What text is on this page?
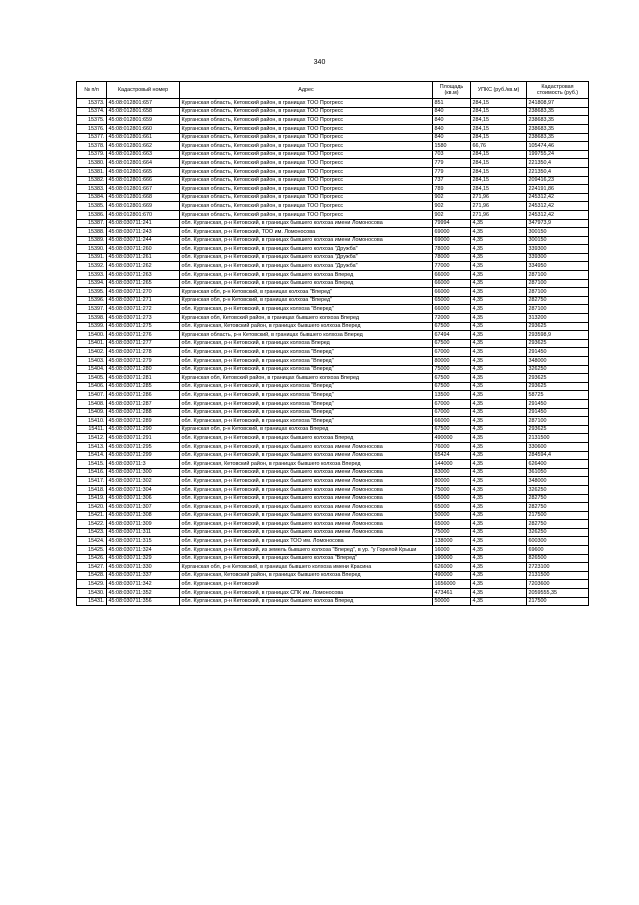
340
№ п/п	Кадастровый номер	Адрес	Площадь (кв.м)	УПКС (руб./кв.м)	Кадастровая стоимость (руб.)
15373.	45:08:012801:657	Курганская область, Кетовский район, в границах ТОО Прогресс	851	284,15	241808,97
15374.	45:08:012801:658	Курганская область, Кетовский район, в границах ТОО Прогресс	840	284,15	238683,35
15375.	45:08:012801:659	Курганская область, Кетовский район, в границах ТОО Прогресс	840	284,15	238683,35
15376.	45:08:012801:660	Курганская область, Кетовский район, в границах ТОО Прогресс	840	284,15	238683,35
15377.	45:08:012801:661	Курганская область, Кетовский район, в границах ТОО Прогресс	840	284,15	238683,35
15378.	45:08:012801:662	Курганская область, Кетовский район, в границах ТОО Прогресс	1580	66,76	105474,46
15379.	45:08:012801:663	Курганская область, Кетовский район, в границах ТОО Прогресс	703	284,15	199755,24
15380.	45:08:012801:664	Курганская область, Кетовский район, в границах ТОО Прогресс	779	284,15	221350,4
15381.	45:08:012801:665	Курганская область, Кетовский район, в границах ТОО Прогресс	779	284,15	221350,4
15382.	45:08:012801:666	Курганская область, Кетовский район, в границах ТОО Прогресс	737	284,15	209416,23
15383.	45:08:012801:667	Курганская область, Кетовский район, в границах ТОО Прогресс	789	284,15	224191,86
15384.	45:08:012801:668	Курганская область, Кетовский район, в границах ТОО Прогресс	902	271,96	245312,42
15385.	45:08:012801:669	Курганская область, Кетовский район, в границах ТОО Прогресс	902	271,96	245312,42
15386.	45:08:012801:670	Курганская область, Кетовский район, в границах ТОО Прогресс	902	271,96	245312,42
15387.	45:08:030711:241	обл. Курганская, р-н Кетовский, в границах бывшего колхоза имени Ломоносова	79994	4,35	347973,9
15388.	45:08:030711:243	обл. Курганская, р-н Кетовский, ТОО им. Ломоносова	69000	4,35	300150
15389.	45:08:030711:244	обл. Курганская, р-н Кетовский, в границах бывшего колхоза имени Ломоносова	69000	4,35	300150
15390.	45:08:030711:260	обл. Курганская, р-н Кетовский, в границах бывшего колхоза "Дружба"	78000	4,35	339300
15391.	45:08:030711:261	обл. Курганская, р-н Кетовский, в границах бывшего колхоза "Дружба"	78000	4,35	339300
15392.	45:08:030711:262	обл. Курганская, р-н Кетовский, в границах бывшего колхоза "Дружба"	77000	4,35	334950
15393.	45:08:030711:263	обл. Курганская, р-н Кетовский, в границах бывшего колхоза Вперед	66000	4,35	287100
15394.	45:08:030711:265	обл. Курганская, р-н Кетовский, в границах бывшего колхоза Вперед	66000	4,35	287100
15395.	45:08:030711:270	Курганская обл, р-н Кетовский, в границах колхоза "Вперед"	66000	4,35	287100
15396.	45:08:030711:271	Курганская обл, р-н Кетовский, в границах колхоза "Вперед"	65000	4,35	282750
15397.	45:08:030711:272	обл. Курганская, р-н Кетовский, в границах колхоза "Вперед"	66000	4,35	287100
15398.	45:08:030711:273	Курганская обл, Кетовский район, в границах бывшего колхоза Вперед	72000	4,35	313200
15399.	45:08:030711:275	обл. Курганская, Кетовский район, в границах бывшего колхоза Вперед	67500	4,35	293625
15400.	45:08:030711:276	Курганская область, р-н Кетовский, в границах бывшего колхоза Вперед	67494	4,35	293598,9
15401.	45:08:030711:277	обл. Курганская, р-н Кетовский, в границах колхоза Вперед	67500	4,35	293625
15402.	45:08:030711:278	обл. Курганская, р-н Кетовский, в границах колхоза "Вперед"	67000	4,35	291450
15403.	45:08:030711:279	обл. Курганская, р-н Кетовский, в границах колхоза "Вперед"	80000	4,35	348000
15404.	45:08:030711:280	обл. Курганская, р-н Кетовский, в границах колхоза "Вперед"	75000	4,35	326250
15405.	45:08:030711:281	Курганская обл, Кетовский район, в границах бывшего колхоза Вперед	67500	4,35	293625
15406.	45:08:030711:285	обл. Курганская, р-н Кетовский, в границах колхоза "Вперед"	67500	4,35	293625
15407.	45:08:030711:286	обл. Курганская, р-н Кетовский, в границах колхоза "Вперед"	13500	4,35	58725
15408.	45:08:030711:287	обл. Курганская, р-н Кетовский, в границах колхоза "Вперед"	67000	4,35	291450
15409.	45:08:030711:288	обл. Курганская, р-н Кетовский, в границах колхоза "Вперед"	67000	4,35	291450
15410.	45:08:030711:289	обл. Курганская, р-н Кетовский, в границах колхоза "Вперед"	66000	4,35	287100
15411.	45:08:030711:290	Курганская обл, р-н Кетовский, в границах колхоза Вперед	67500	4,35	293625
15412.	45:08:030711:291	обл. Курганская, р-н Кетовский, в границах бывшего колхоза Вперед	490000	4,35	2131500
15413.	45:08:030711:295	обл. Курганская, р-н Кетовский, в границах бывшего колхоза имени Ломоносова	76000	4,35	330600
15414.	45:08:030711:299	обл. Курганская, р-н Кетовский, в границах бывшего колхоза имени Ломоносова	65424	4,35	284594,4
15415.	45:08:030711:3	обл. Курганская, Кетовский район, в границах бывшего колхоза Вперед	144000	4,35	626400
15416.	45:08:030711:300	обл. Курганская, р-н Кетовский, в границах бывшего колхоза имени Ломоносова	83000	4,35	361050
15417.	45:08:030711:302	обл. Курганская, р-н Кетовский, в границах бывшего колхоза имени Ломоносова	80000	4,35	348000
15418.	45:08:030711:304	обл. Курганская, р-н Кетовский, в границах бывшего колхоза имени Ломоносова	75000	4,35	326250
15419.	45:08:030711:306	обл. Курганская, р-н Кетовский, в границах бывшего колхоза имени Ломоносова	65000	4,35	282750
15420.	45:08:030711:307	обл. Курганская, р-н Кетовский, в границах бывшего колхоза имени Ломоносова	65000	4,35	282750
15421.	45:08:030711:308	обл. Курганская, р-н Кетовский, в границах бывшего колхоза имени Ломоносова	50000	4,35	217500
15422.	45:08:030711:309	обл. Курганская, р-н Кетовский, в границах бывшего колхоза имени Ломоносова	65000	4,35	282750
15423.	45:08:030711:311	обл. Курганская, р-н Кетовский, в границах бывшего колхоза имени Ломоносова	75000	4,35	326250
15424.	45:08:030711:315	обл. Курганская, р-н Кетовский, в границах ТОО им. Ломоносова	138000	4,35	600300
15425.	45:08:030711:324	обл. Курганская, р-н Кетовский, из земель бывшего колхоза "Вперед", в ур. "у Горелой Крыши	16000	4,35	69600
15426.	45:08:030711:329	обл. Курганская, р-н Кетовский, в границах бывшего колхоза "Вперед"	190000	4,35	826500
15427.	45:08:030711:330	Курганская обл, р-н Кетовский, в границах бывшего колхоза имени Красина	626000	4,35	2723100
15428.	45:08:030711:337	обл. Курганская, Кетовский район, в границах бывшего колхоза Вперед	490000	4,35	2131500
15429.	45:08:030711:342	обл. Курганская, р-н Кетовский	1656000	4,35	7203600
15430.	45:08:030711:352	обл. Курганская, р-н Кетовский, в границах СПК им. Ломоносова	473461	4,35	2059555,35
15431.	45:08:030711:356	обл. Курганская, р-н Кетовский, в границах бывшего колхоза Вперед	50000	4,35	217500
